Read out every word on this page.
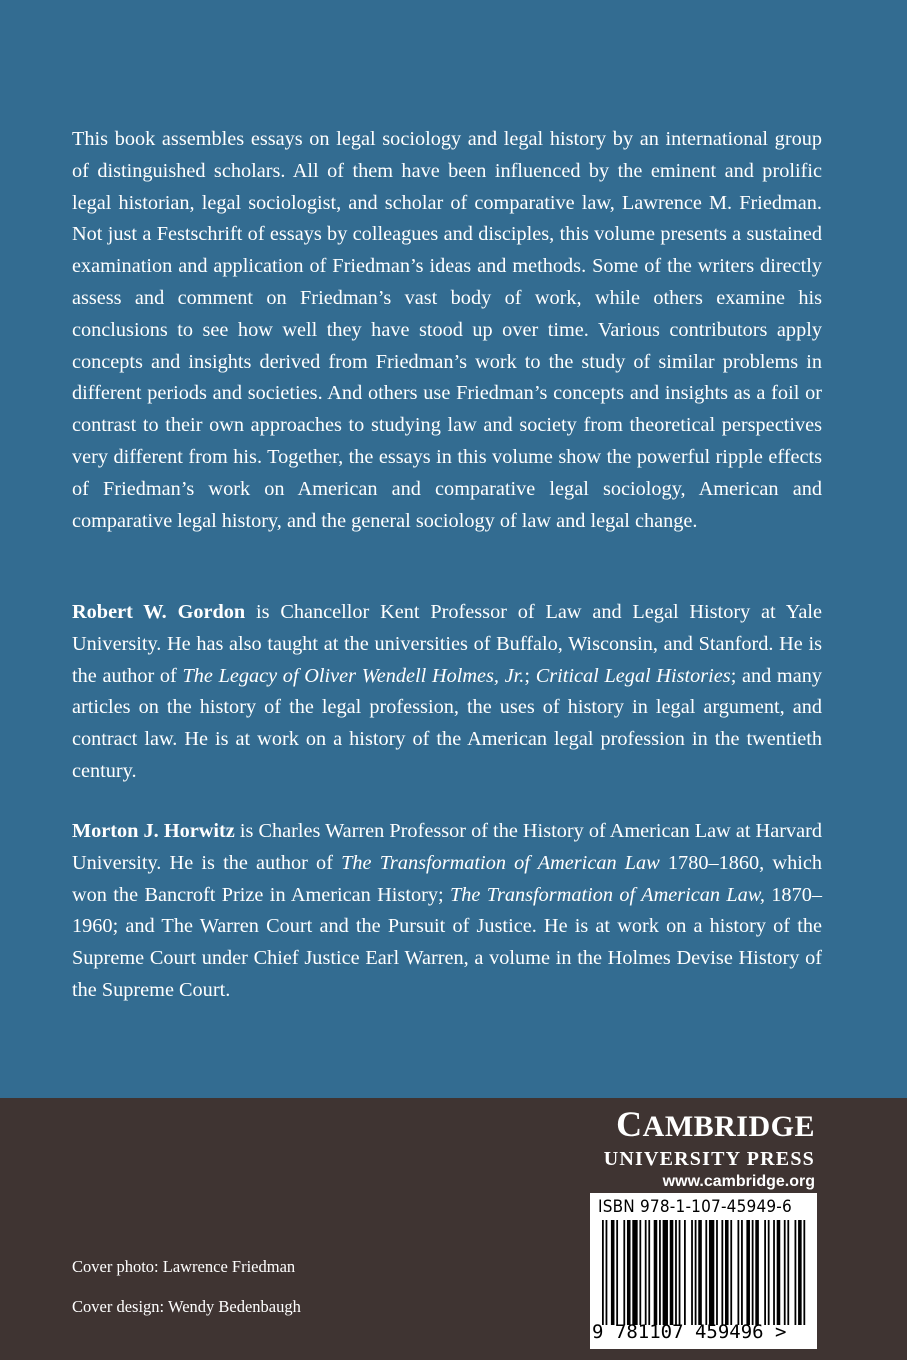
This book assembles essays on legal sociology and legal history by an international group of distinguished scholars. All of them have been influenced by the eminent and prolific legal historian, legal sociologist, and scholar of comparative law, Lawrence M. Friedman. Not just a Festschrift of essays by colleagues and disciples, this volume presents a sustained examination and application of Friedman’s ideas and methods. Some of the writers directly assess and comment on Friedman’s vast body of work, while others examine his conclusions to see how well they have stood up over time. Various contributors apply concepts and insights derived from Friedman’s work to the study of similar problems in different periods and societies. And others use Friedman’s concepts and insights as a foil or contrast to their own approaches to studying law and society from theoretical perspectives very different from his. Together, the essays in this volume show the powerful ripple effects of Friedman’s work on American and comparative legal sociology, American and comparative legal history, and the general sociology of law and legal change.

Robert W. Gordon is Chancellor Kent Professor of Law and Legal History at Yale University. He has also taught at the universities of Buffalo, Wisconsin, and Stanford. He is the author of The Legacy of Oliver Wendell Holmes, Jr.; Critical Legal Histories; and many articles on the history of the legal profession, the uses of history in legal argument, and contract law. He is at work on a history of the American legal profession in the twentieth century.

Morton J. Horwitz is Charles Warren Professor of the History of American Law at Harvard University. He is the author of The Transformation of American Law 1780–1860, which won the Bancroft Prize in American History; The Transformation of American Law, 1870–1960; and The Warren Court and the Pursuit of Justice. He is at work on a history of the Supreme Court under Chief Justice Earl Warren, a volume in the Holmes Devise History of the Supreme Court.

CAMBRIDGE
UNIVERSITY PRESS
www.cambridge.org
ISBN 978-1-107-45949-6
9 781107 459496 >
Cover photo: Lawrence Friedman
Cover design: Wendy Bedenbaugh
